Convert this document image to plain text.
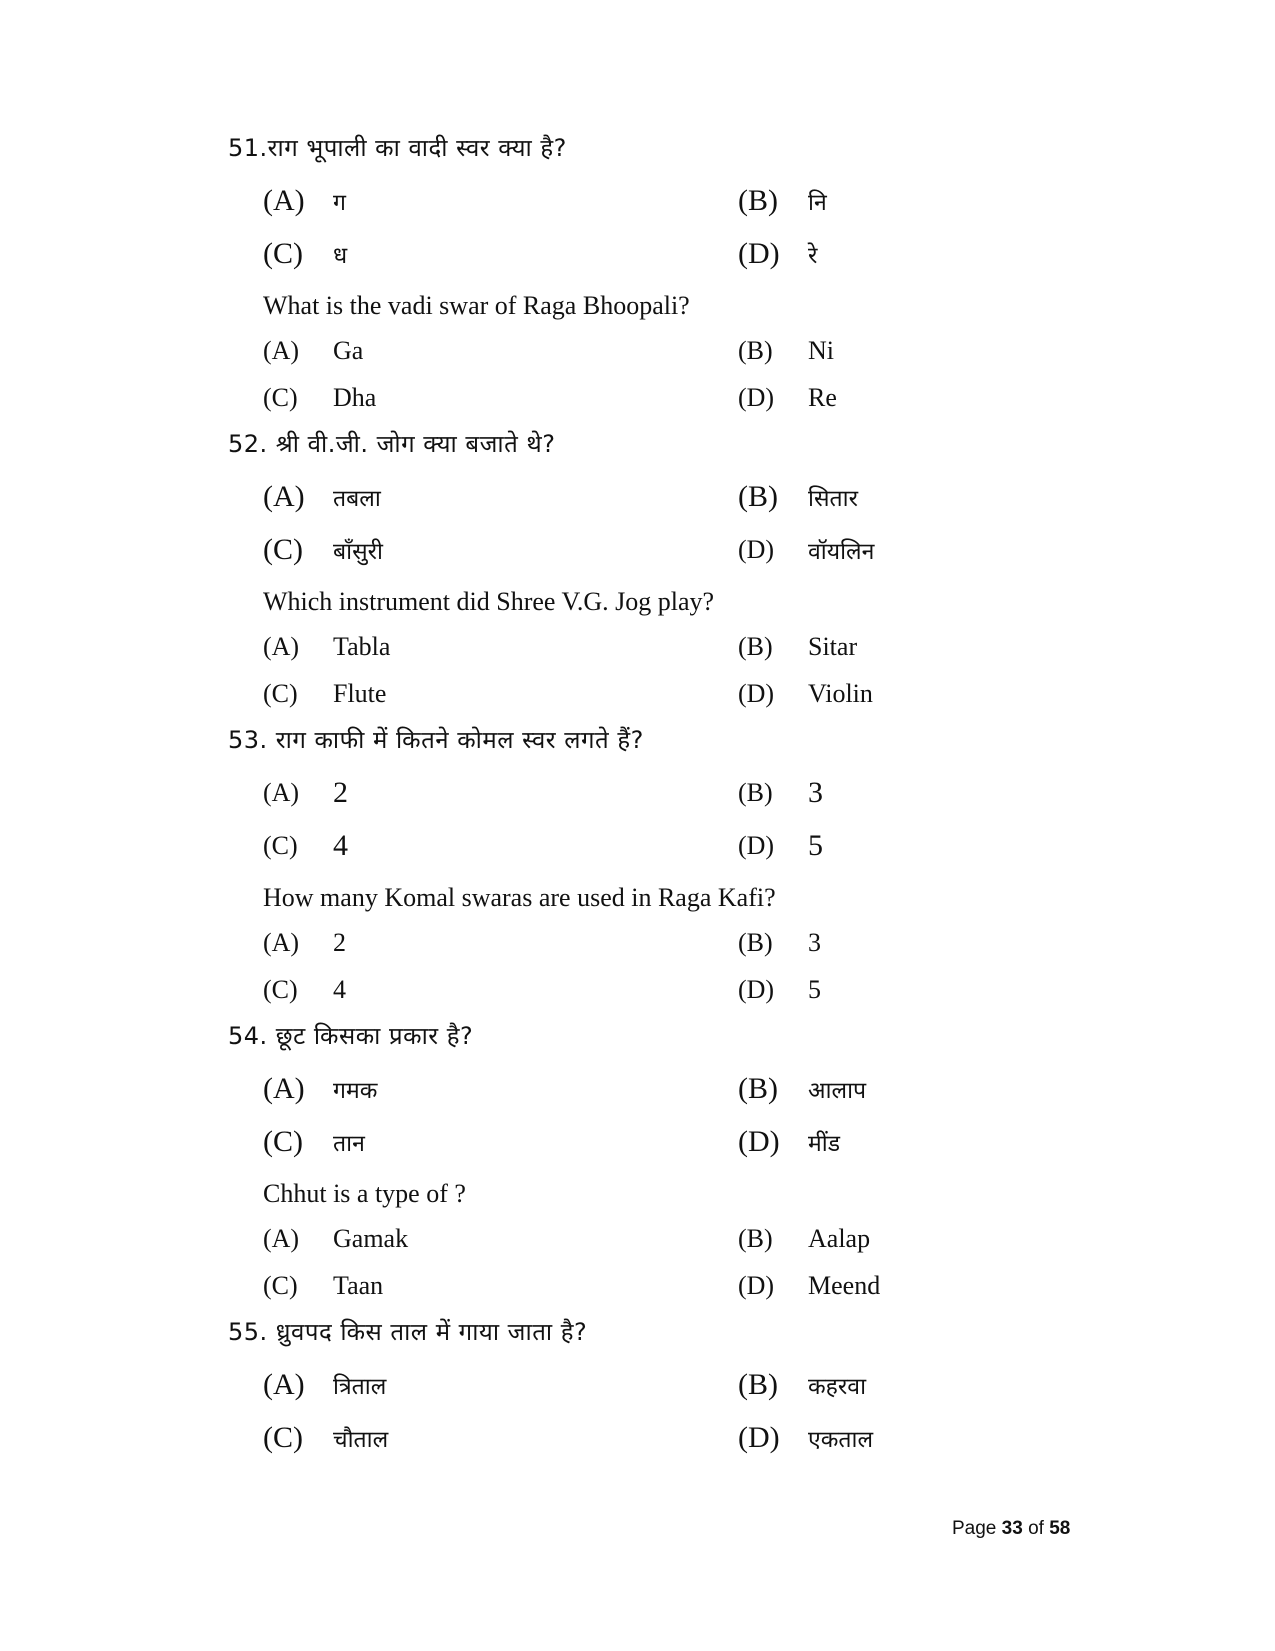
51.राग भूपाली का वादी स्वर क्या है?

(A)	ग	(B)	नि
(C)	ध	(D)	रे

What is the vadi swar of Raga Bhoopali?

(A)	Ga	(B)	Ni
(C)	Dha	(D)	Re

52. श्री वी.जी. जोग क्या बजाते थे?

(A)	तबला	(B)	सितार
(C)	बाँसुरी	(D)	वॉयलिन

Which instrument did Shree V.G. Jog play?

(A)	Tabla	(B)	Sitar
(C)	Flute	(D)	Violin

53. राग काफी में कितने कोमल स्वर लगते हैं?

(A)	2	(B)	3
(C)	4	(D)	5

How many Komal swaras are used in Raga Kafi?

(A)	2	(B)	3
(C)	4	(D)	5

54. छूट किसका प्रकार है?

(A)	गमक	(B)	आलाप
(C)	तान	(D)	मींड

Chhut is a type of ?

(A)	Gamak	(B)	Aalap
(C)	Taan	(D)	Meend

55. ध्रुवपद किस ताल में गाया जाता है?

(A)	त्रिताल	(B)	कहरवा
(C)	चौताल	(D)	एकताल
Page 33 of 58
